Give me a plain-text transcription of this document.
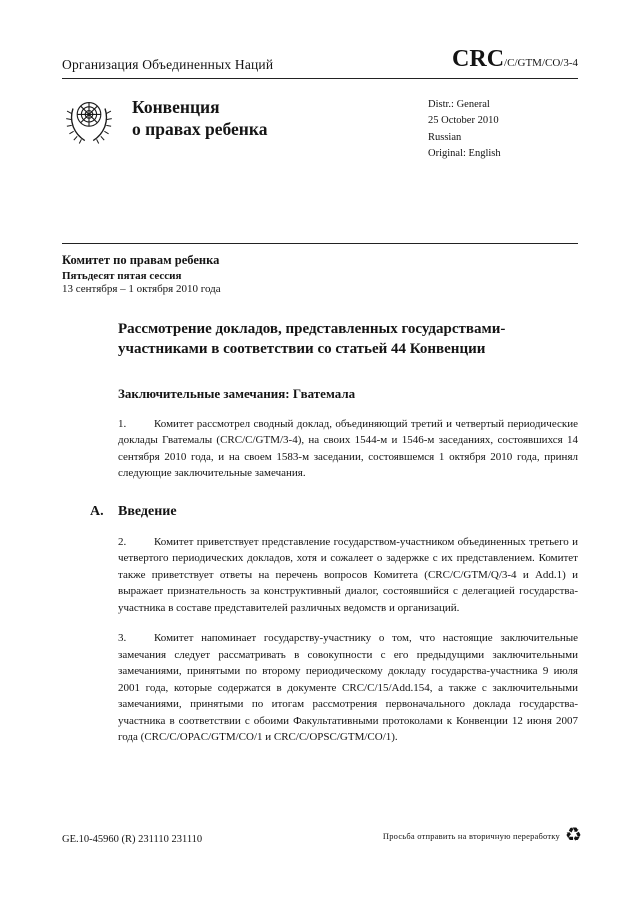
Организация Объединенных Наций	CRC/C/GTM/CO/3-4
Конвенция
о правах ребенка
Distr.: General
25 October 2010
Russian
Original: English
Комитет по правам ребенка
Пятьдесят пятая сессия
13 сентября – 1 октября 2010 года
Рассмотрение докладов, представленных государствами-участниками в соответствии со статьей 44 Конвенции
Заключительные замечания: Гватемала
1.	Комитет рассмотрел сводный доклад, объединяющий третий и четвертый периодические доклады Гватемалы (CRC/C/GTM/3-4), на своих 1544-м и 1546-м заседаниях, состоявшихся 14 сентября 2010 года, и на своем 1583-м заседании, состоявшемся 1 октября 2010 года, принял следующие заключительные замечания.
A.	Введение
2.	Комитет приветствует представление государством-участником объединенных третьего и четвертого периодических докладов, хотя и сожалеет о задержке с их представлением. Комитет также приветствует ответы на перечень вопросов Комитета (CRC/C/GTM/Q/3-4 и Add.1) и выражает признательность за конструктивный диалог, состоявшийся с делегацией государства-участника в составе представителей различных ведомств и организаций.
3.	Комитет напоминает государству-участнику о том, что настоящие заключительные замечания следует рассматривать в совокупности с его предыдущими заключительными замечаниями, принятыми по второму периодическому докладу государства-участника 9 июля 2001 года, которые содержатся в документе CRC/C/15/Add.154, а также с заключительными замечаниями, принятыми по итогам рассмотрения первоначального доклада государства-участника в соответствии с обоими Факультативными протоколами к Конвенции 12 июня 2007 года (CRC/C/OPAC/GTM/CO/1 и CRC/C/OPSC/GTM/CO/1).
GE.10-45960 (R) 231110 231110	Просьба отправить на вторичную переработку ♻
